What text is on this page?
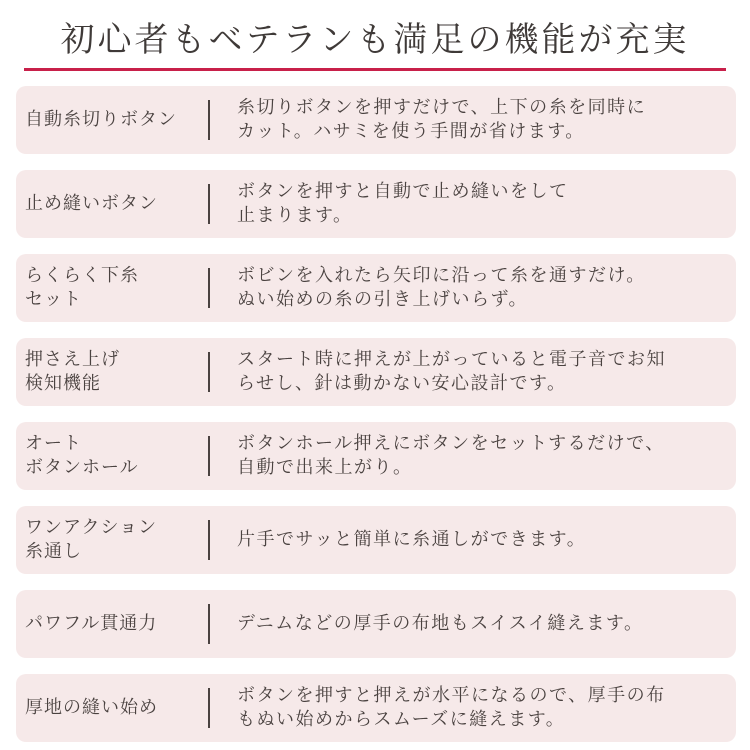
初心者もベテランも満足の機能が充実
自動糸切りボタン
糸切りボタンを押すだけで、上下の糸を同時に
カット。ハサミを使う手間が省けます。
止め縫いボタン
ボタンを押すと自動で止め縫いをして
止まります。
らくらく下糸
セット
ボビンを入れたら矢印に沿って糸を通すだけ。
ぬい始めの糸の引き上げいらず。
押さえ上げ
検知機能
スタート時に押えが上がっていると電子音でお知
らせし、針は動かない安心設計です。
オート
ボタンホール
ボタンホール押えにボタンをセットするだけで、
自動で出来上がり。
ワンアクション
糸通し
片手でサッと簡単に糸通しができます。
パワフル貫通力	デニムなどの厚手の布地もスイスイ縫えます。
厚地の縫い始め
ボタンを押すと押えが水平になるので、厚手の布
もぬい始めからスムーズに縫えます。
